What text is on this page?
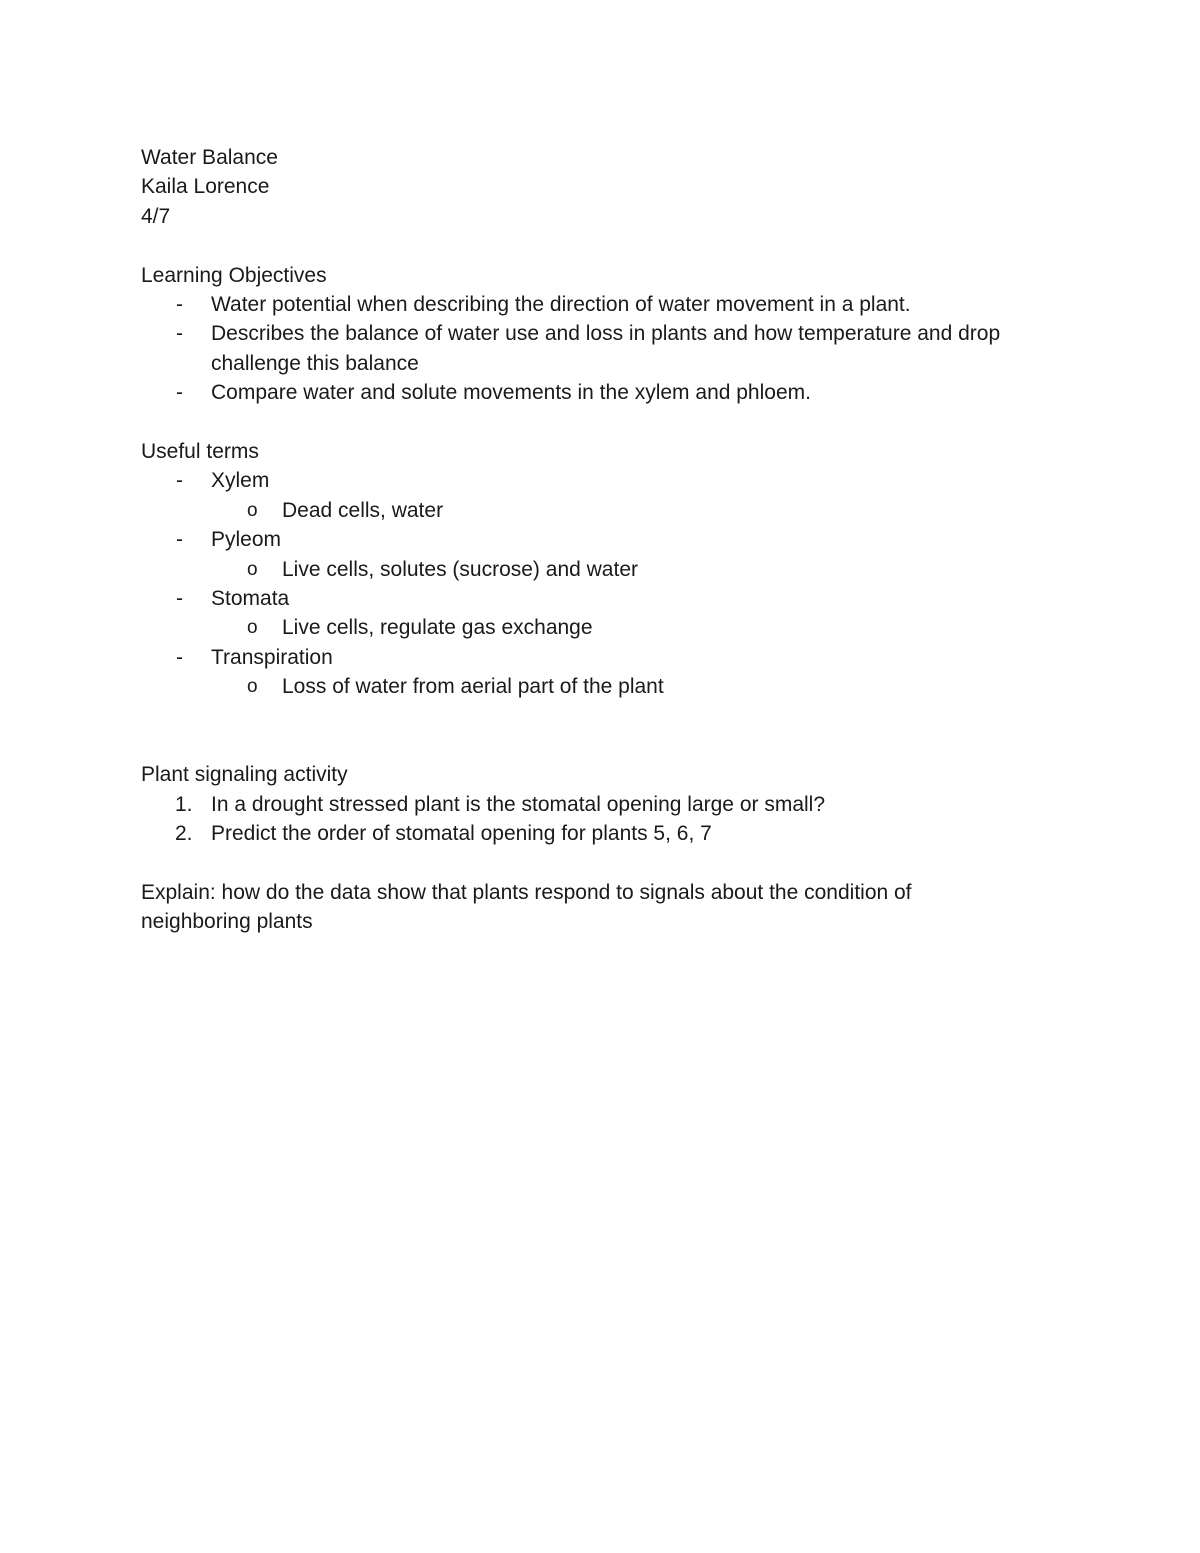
Water Balance
Kaila Lorence
4/7
Learning Objectives
-	Water potential when describing the direction of water movement in a plant.
-	Describes the balance of water use and loss in plants and how temperature and drop challenge this balance
-	Compare water and solute movements in the xylem and phloem.
Useful terms
-	Xylem
o	Dead cells, water
-	Pyleom
o	Live cells, solutes (sucrose) and water
-	Stomata
o	Live cells, regulate gas exchange
-	Transpiration
o	Loss of water from aerial part of the plant
Plant signaling activity
1. In a drought stressed plant is the stomatal opening large or small?
2. Predict the order of stomatal opening for plants 5, 6, 7
Explain: how do the data show that plants respond to signals about the condition of neighboring plants
